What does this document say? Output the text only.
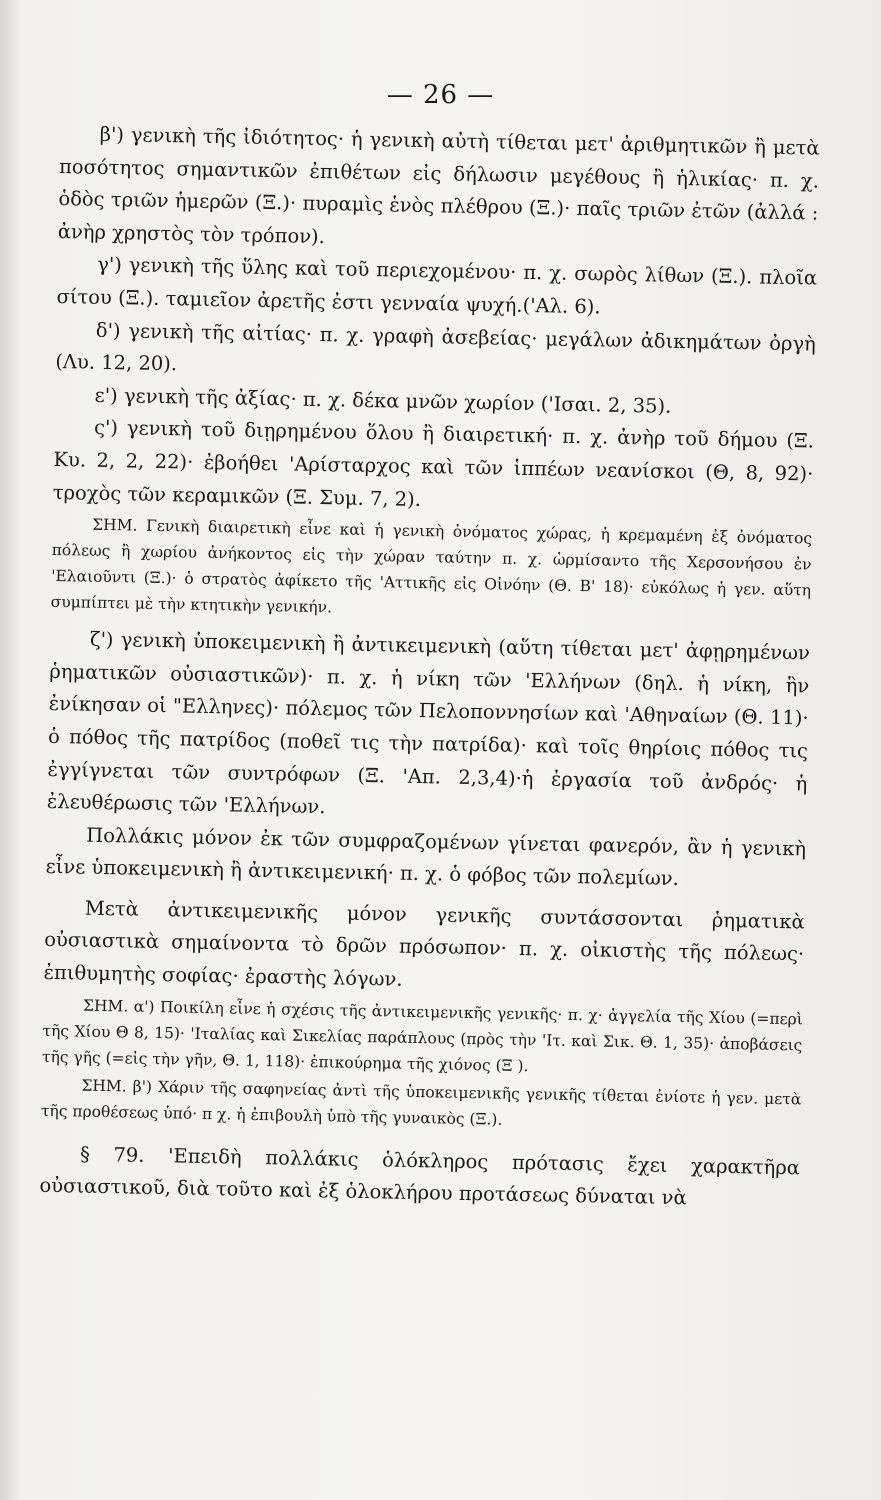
— 26 —

β') γενικὴ τῆς ἰδιότητος· ἡ γενικὴ αὐτὴ τίθεται μετ' ἀριθμητικῶν ἢ μετὰ ποσότητος σημαντικῶν ἐπιθέτων εἰς δήλωσιν μεγέθους ἢ ἡλικίας· π. χ. ὁδὸς τριῶν ἡμερῶν (Ξ.)· πυραμὶς ἑνὸς πλέθρου (Ξ.)· παῖς τριῶν ἐτῶν (ἀλλά : ἀνὴρ χρηστὸς τὸν τρόπον).

γ') γενικὴ τῆς ὕλης καὶ τοῦ περιεχομένου· π. χ. σωρὸς λίθων (Ξ.). πλοῖα σίτου (Ξ.). ταμιεῖον ἀρετῆς ἐστι γενναία ψυχή.('Αλ. 6).

δ') γενικὴ τῆς αἰτίας· π. χ. γραφὴ ἀσεβείας· μεγάλων ἀδικημάτων ὀργὴ (Λυ. 12, 20).

ε') γενικὴ τῆς ἀξίας· π. χ. δέκα μνῶν χωρίον ('Ισαι. 2, 35).

ς') γενικὴ τοῦ διῃρημένου ὅλου ἢ διαιρετική· π. χ. ἀνὴρ τοῦ δήμου (Ξ. Κυ. 2, 2, 22)· ἐβοήθει 'Αρίσταρχος καὶ τῶν ἱππέων νεανίσκοι (Θ, 8, 92)· τροχὸς τῶν κεραμικῶν (Ξ. Συμ. 7, 2).

ΣΗΜ. Γενικὴ διαιρετικὴ εἶνε καὶ ἡ γενικὴ ὀνόματος χώρας, ἡ κρεμαμένη ἐξ ὀνόματος πόλεως ἢ χωρίου ἀνήκοντος εἰς τὴν χώραν ταύτην π. χ. ὡρμίσαντο τῆς Χερσονήσου ἐν 'Ελαιοῦντι (Ξ.)· ὁ στρατὸς ἀφίκετο τῆς 'Αττικῆς εἰς Οἰνόην (Θ. Β' 18)· εὐκόλως ἡ γεν. αὕτη συμπίπτει μὲ τὴν κτητικὴν γενικήν.

ζ') γενικὴ ὑποκειμενικὴ ἢ ἀντικειμενικὴ (αὕτη τίθεται μετ' ἀφῃρημένων ῥηματικῶν οὐσιαστικῶν)· π. χ. ἡ νίκη τῶν 'Ελλήνων (δηλ. ἡ νίκη, ἣν ἐνίκησαν οἱ "Ελληνες)· πόλεμος τῶν Πελοποννησίων καὶ 'Αθηναίων (Θ. 11)· ὁ πόθος τῆς πατρίδος (ποθεῖ τις τὴν πατρίδα)· καὶ τοῖς θηρίοις πόθος τις ἐγγίγνεται τῶν συντρόφων (Ξ. 'Απ. 2,3,4)·ἡ ἐργασία τοῦ ἀνδρός· ἡ ἐλευθέρωσις τῶν 'Ελλήνων.

Πολλάκις μόνον ἐκ τῶν συμφραζομένων γίνεται φανερόν, ἂν ἡ γενικὴ εἶνε ὑποκειμενικὴ ἢ ἀντικειμενική· π. χ. ὁ φόβος τῶν πολεμίων.

Μετὰ ἀντικειμενικῆς μόνον γενικῆς συντάσσονται ῥηματικὰ οὐσιαστικὰ σημαίνοντα τὸ δρῶν πρόσωπον· π. χ. οἰκιστὴς τῆς πόλεως· ἐπιθυμητὴς σοφίας· ἐραστὴς λόγων.

ΣΗΜ. α') Ποικίλη εἶνε ἡ σχέσις τῆς ἀντικειμενικῆς γενικῆς· π. χ· ἀγγελία τῆς Χίου (=περὶ τῆς Χίου Θ 8, 15)· 'Ιταλίας καὶ Σικελίας παράπλους (πρὸς τὴν 'Ιτ. καὶ Σικ. Θ. 1, 35)· ἀποβάσεις τῆς γῆς (=εἰς τὴν γῆν, Θ. 1, 118)· ἐπικούρημα τῆς χιόνος (Ξ ).

ΣΗΜ. β') Χάριν τῆς σαφηνείας ἀντὶ τῆς ὑποκειμενικῆς γενικῆς τίθεται ἐνίοτε ἡ γεν. μετὰ τῆς προθέσεως ὑπό· π χ. ἡ ἐπιβουλὴ ὑπὸ τῆς γυναικὸς (Ξ.).

§ 79. 'Επειδὴ πολλάκις ὁλόκληρος πρότασις ἔχει χαρακτῆρα οὐσιαστικοῦ, διὰ τοῦτο καὶ ἐξ ὁλοκλήρου προτάσεως δύναται νὰ
